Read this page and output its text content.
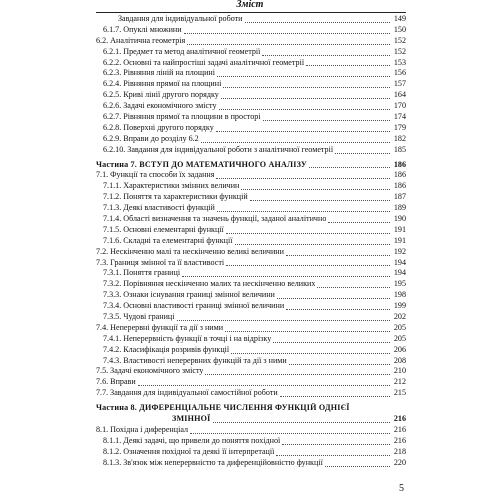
Зміст
Завдання для індивідуальної роботи	149
6.1.7. Опуклі множини	150
6.2. Аналітична геометрія	152
6.2.1. Предмет та метод аналітичної геометрії	152
6.2.2. Основні та найпростіші задачі аналітичної геометрії	153
6.2.3. Рівняння ліній на площині	156
6.2.4. Рівняння прямої на площині	157
6.2.5. Криві лінії другого порядку	164
6.2.6. Задачі економічного змісту	170
6.2.7. Рівняння прямої та площини в просторі	174
6.2.8. Поверхні другого порядку	179
6.2.9. Вправи до розділу 6.2	182
6.2.10. Завдання для індивідуальної роботи з аналітичної геометрії	185
Частина 7. ВСТУП ДО МАТЕМАТИЧНОГО АНАЛІЗУ	186
7.1. Функції та способи їх задання	186
7.1.1. Характеристики змінних величин	186
7.1.2. Поняття та характеристики функцій	187
7.1.3. Деякі властивості функцій	189
7.1.4. Області визначення та значень функції, заданої аналітично	190
7.1.5. Основні елементарні функції	191
7.1.6. Складні та елементарні функції	191
7.2. Нескінченно малі та нескінченно великі величини	192
7.3. Границя змінної та її властивості	194
7.3.1. Поняття границі	194
7.3.2. Порівняння нескінченно малих та нескінченно великих	195
7.3.3. Ознаки існування границі змінної величини	198
7.3.4. Основні властивості границі змінної величини	199
7.3.5. Чудові границі	202
7.4. Неперервні функції та дії з ними	205
7.4.1. Неперервність функції в точці і на відрізку	205
7.4.2. Класифікація розривів функції	206
7.4.3. Властивості неперервних функцій та дії з ними	208
7.5. Задачі економічного змісту	210
7.6. Вправи	212
7.7. Завдання для індивідуальної самостійної роботи	215
Частина 8. ДИФЕРЕНЦІАЛЬНЕ ЧИСЛЕННЯ ФУНКЦІЙ ОДНІЄЇ
ЗМІННОЇ	216
8.1. Похідна і диференціал	216
8.1.1. Деякі задачі, що привели до поняття похідної	216
8.1.2. Означення похідної та деякі її інтерпретації	218
8.1.3. Зв'язок між неперервністю та диференційовністю функції	220
5
